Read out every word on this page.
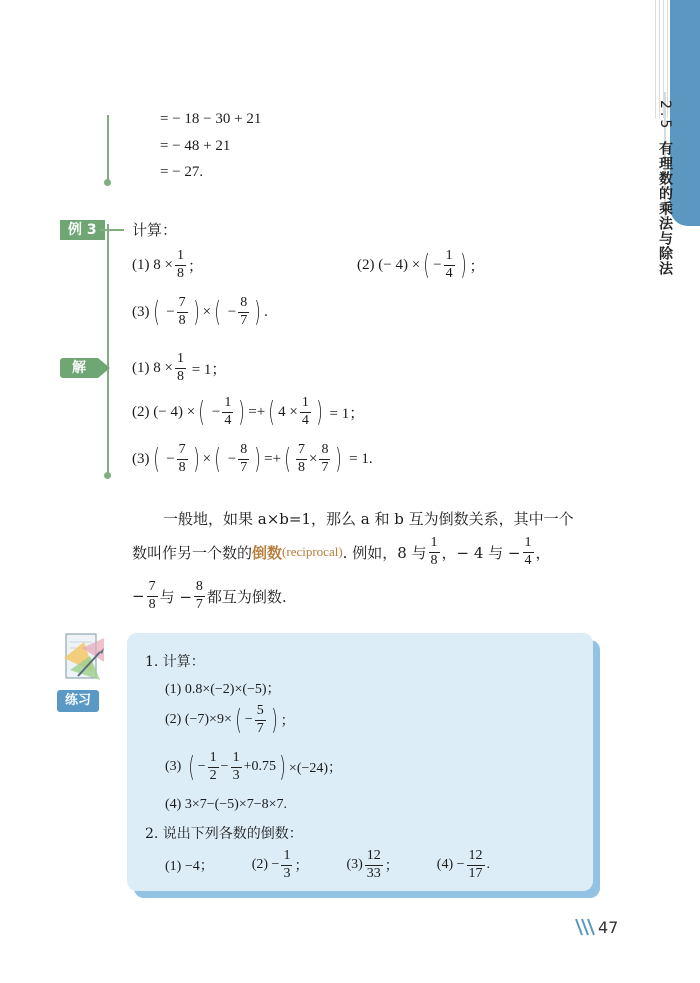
2.5有理数的乘法与除法
= − 18 − 30 + 21
= − 48 + 21
= − 27.
例 3	计算：
(1) $8 \times \frac{1}{8}$ ；	(2) (− 4) × ( − $\frac{1}{4}$ ) ；
(3) ( − $\frac{7}{8}$ ) × ( − $\frac{8}{7}$ ) .
解	(1) $8 \times \frac{1}{8}$
= 1；
(2) (− 4) × ( − $\frac{1}{4}$ ) =+ ( $4 \times \frac{1}{4}$ )
= 1；
(3) ( − $\frac{7}{8}$ ) × ( − $\frac{8}{7}$ ) =+ ( $\frac{7}{8} \times \frac{8}{7}$ )
= 1.
一般地，如果 a×b=1，那么 a 和 b 互为倒数关系，其中一个
数叫作另一个数的 倒数 (reciprocal) . 例如，8 与 $\frac{1}{8}$ ，− 4 与 − $\frac{1}{4}$ ，
− $\frac{7}{8}$ 与 − $\frac{8}{7}$ 都互为倒数.
练习
1. 计算：
(1) 0.8×(−2)×(−5)；
(2) (−7)×9× ( − $\frac{5}{7}$ ) ；
(3)
( − $\frac{1}{2} - \frac{1}{3} +0.75$ ) ×(−24)；
(4) 3×7−(−5)×7−8×7.
2. 说出下列各数的倒数：
(1) −4；	$(2) - \frac{1}{3}$ ；	$(3) \frac{12}{33}$ ；	$(4) - \frac{12}{17}$ .
47
